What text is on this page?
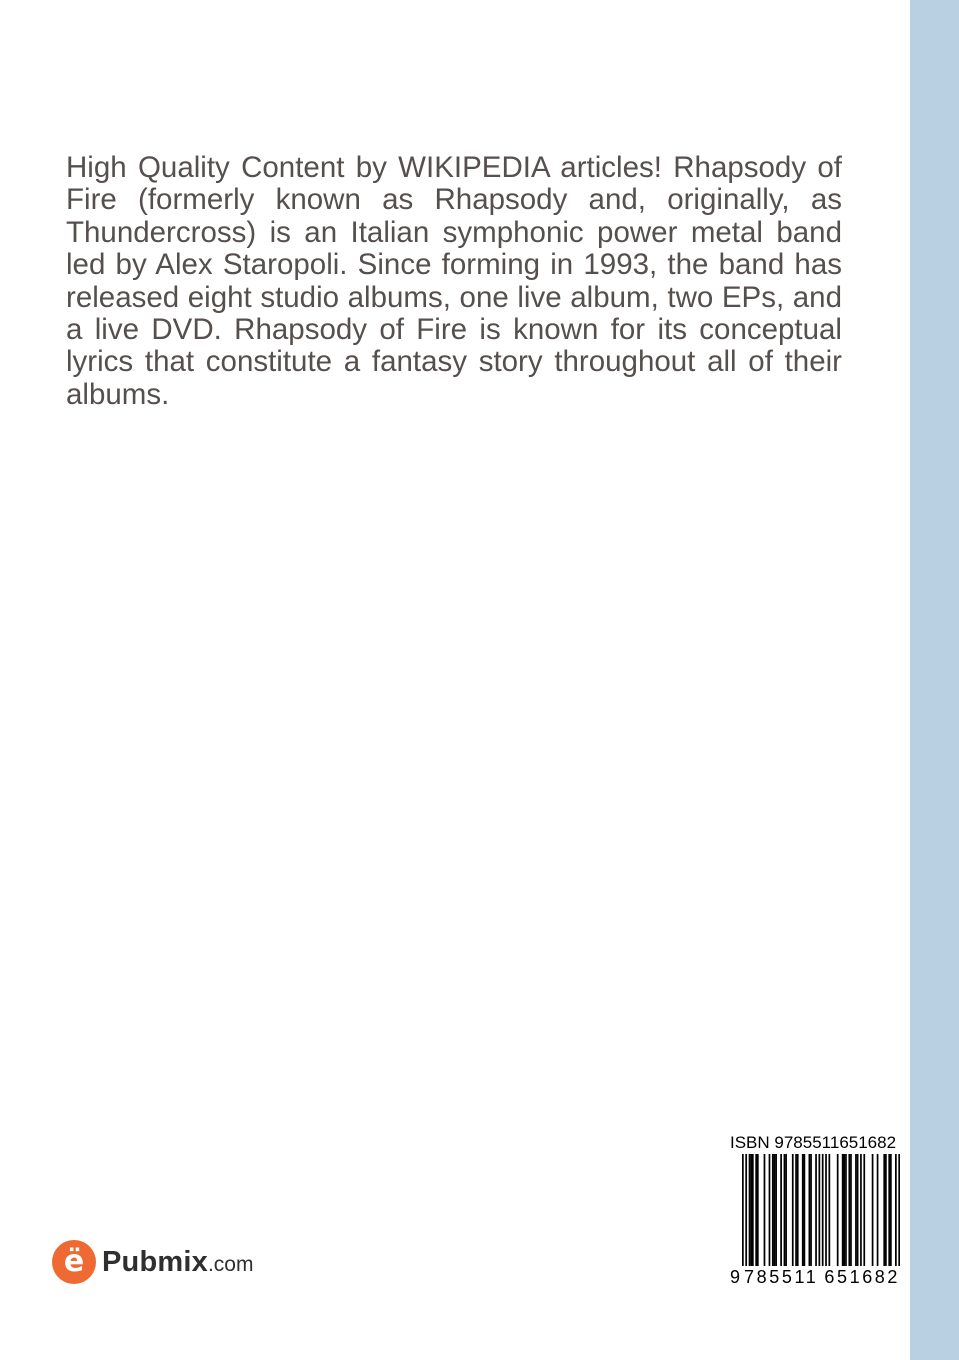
High Quality Content by WIKIPEDIA articles! Rhapsody of Fire (formerly known as Rhapsody and, originally, as Thundercross) is an Italian symphonic power metal band led by Alex Staropoli. Since forming in 1993, the band has released eight studio albums, one live album, two EPs, and a live DVD. Rhapsody of Fire is known for its conceptual lyrics that constitute a fantasy story throughout all of their albums.

ISBN 9785511651682
9 785511 651682
ë Pubmix .com
